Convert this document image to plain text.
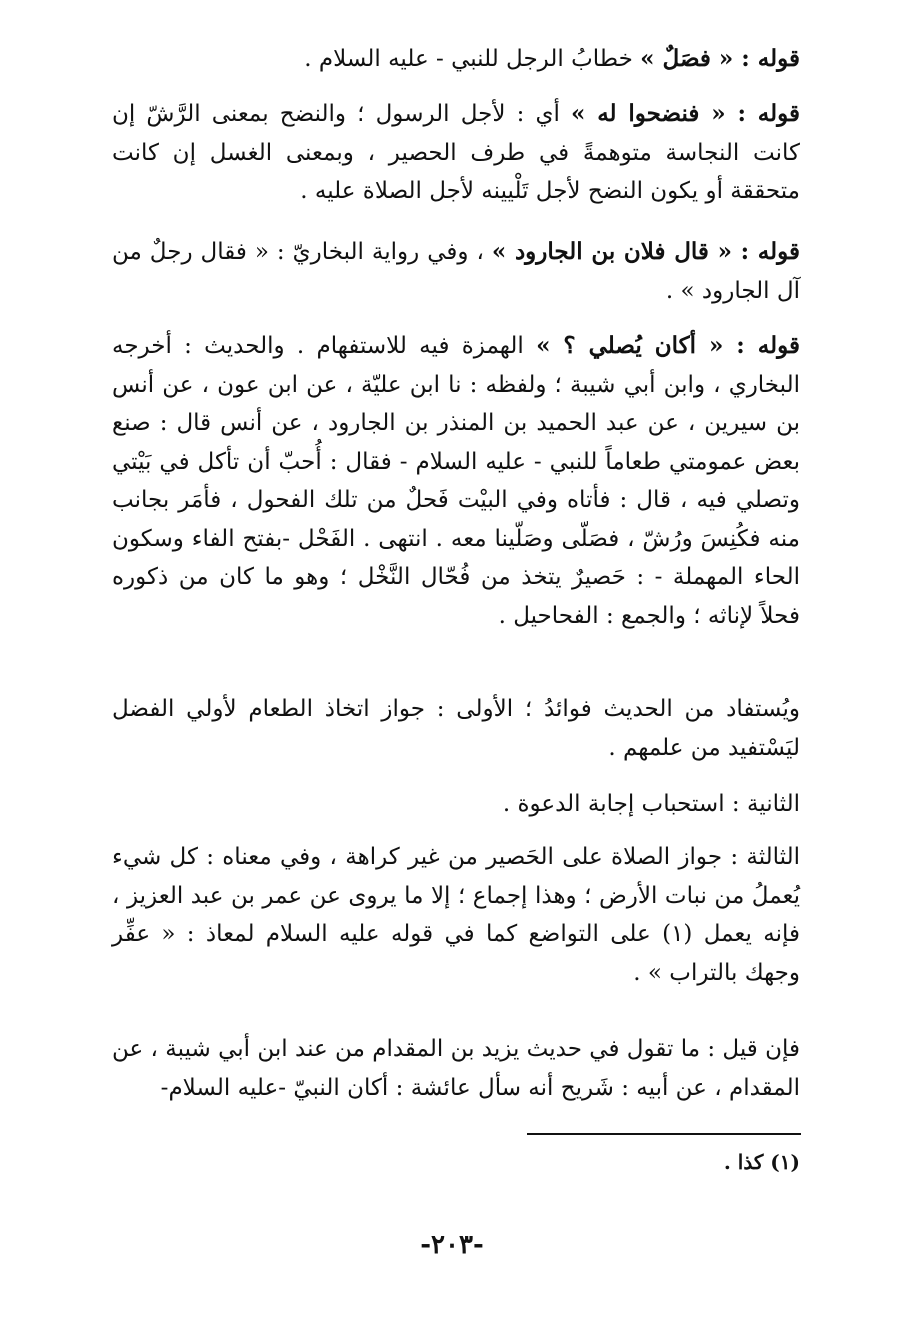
قوله : « فصَلٌ » خطابُ الرجل للنبي - عليه السلام .

قوله : « فنضحوا له » أي : لأجل الرسول ؛ والنضح بمعنى الرَّشّ إن كانت النجاسة متوهمةً في طرف الحصير ، وبمعنى الغسل إن كانت متحققة أو يكون النضح لأجل تَلْيينه لأجل الصلاة عليه .

قوله : « قال فلان بن الجارود » ، وفي رواية البخاريّ : « فقال رجلٌ من آل الجارود » .

قوله : « أكان يُصلي ؟ » الهمزة فيه للاستفهام . والحديث : أخرجه البخاري ، وابن أبي شيبة ؛ ولفظه : نا ابن عليّة ، عن ابن عون ، عن أنس بن سيرين ، عن عبد الحميد بن المنذر بن الجارود ، عن أنس قال : صنع بعض عمومتي طعاماً للنبي - عليه السلام - فقال : أُحبّ أن تأكل في بَيْتي وتصلي فيه ، قال : فأتاه وفي البيْت فَحلٌ من تلك الفحول ، فأمَر بجانب منه فكُنِسَ ورُشّ ، فصَلّى وصَلّينا معه . انتهى . الفَحْل -بفتح الفاء وسكون الحاء المهملة - : حَصيرٌ يتخذ من فُحّال النَّخْل ؛ وهو ما كان من ذكوره فحلاً لإناثه ؛ والجمع : الفحاحيل .

ويُستفاد من الحديث فوائدُ ؛ الأولى : جواز اتخاذ الطعام لأولي الفضل ليَسْتفيد من علمهم .

الثانية : استحباب إجابة الدعوة .

الثالثة : جواز الصلاة على الحَصير من غير كراهة ، وفي معناه : كل شيء يُعملُ من نبات الأرض ؛ وهذا إجماع ؛ إلا ما يروى عن عمر بن عبد العزيز ، فإنه يعمل (١) على التواضع كما في قوله عليه السلام لمعاذ : « عفِّر وجهك بالتراب » .

فإن قيل : ما تقول في حديث يزيد بن المقدام من عند ابن أبي شيبة ، عن المقدام ، عن أبيه : شَريح أنه سأل عائشة : أكان النبيّ -عليه السلام-

(١) كذا .

-٢٠٣-
